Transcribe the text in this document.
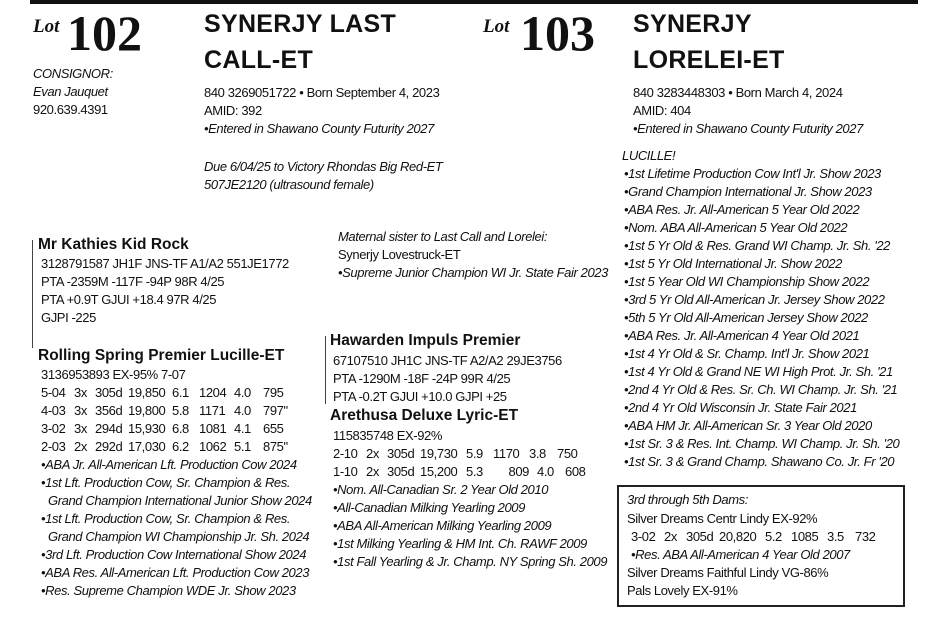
Lot 102 SYNERJY LAST
CALL-ET
CONSIGNOR:
Evan Jauquet
920.639.4391
840 3269051722 • Born September 4, 2023
AMID: 392
•Entered in Shawano County Futurity 2027
Due 6/04/25 to Victory Rhondas Big Red-ET
507JE2120 (ultrasound female)
Lot 103 SYNERJY
LORELEI-ET
840 3283448303 • Born March 4, 2024
AMID: 404
•Entered in Shawano County Futurity 2027
Mr Kathies Kid Rock
3128791587 JH1F JNS-TF A1/A2 551JE1772
PTA -2359M -117F -94P 98R 4/25
PTA +0.9T GJUI +18.4 97R 4/25
GJPI -225
Rolling Spring Premier Lucille-ET
3136953893 EX-95% 7-07
5-04 3x 305d 19,850 6.1 1204 4.0 795
4-03 3x 356d 19,800 5.8 1171 4.0 797"
3-02 3x 294d 15,930 6.8 1081 4.1 655
2-03 2x 292d 17,030 6.2 1062 5.1 875"
•ABA Jr. All-American Lft. Production Cow 2024
•1st Lft. Production Cow, Sr. Champion & Res.
Grand Champion International Junior Show 2024
•1st Lft. Production Cow, Sr. Champion & Res.
Grand Champion WI Championship Jr. Sh. 2024
•3rd Lft. Production Cow International Show 2024
•ABA Res. All-American Lft. Production Cow 2023
•Res. Supreme Champion WDE Jr. Show 2023
Maternal sister to Last Call and Lorelei:
Synerjy Lovestruck-ET
•Supreme Junior Champion WI Jr. State Fair 2023
Hawarden Impuls Premier
67107510 JH1C JNS-TF A2/A2 29JE3756
PTA -1290M -18F -24P 99R 4/25
PTA -0.2T GJUI +10.0 GJPI +25
Arethusa Deluxe Lyric-ET
115835748 EX-92%
2-10 2x 305d 19,730 5.9 1170 3.8 750
1-10 2x 305d 15,200 5.3	809 4.0 608
•Nom. All-Canadian Sr. 2 Year Old 2010
•All-Canadian Milking Yearling 2009
•ABA All-American Milking Yearling 2009
•1st Milking Yearling & HM Int. Ch. RAWF 2009
•1st Fall Yearling & Jr. Champ. NY Spring Sh. 2009
LUCILLE!
•1st Lifetime Production Cow Int'l Jr. Show 2023
•Grand Champion International Jr. Show 2023
•ABA Res. Jr. All-American 5 Year Old 2022
•Nom. ABA All-American 5 Year Old 2022
•1st 5 Yr Old & Res. Grand WI Champ. Jr. Sh. '22
•1st 5 Yr Old International Jr. Show 2022
•1st 5 Year Old WI Championship Show 2022
•3rd 5 Yr Old All-American Jr. Jersey Show 2022
•5th 5 Yr Old All-American Jersey Show 2022
•ABA Res. Jr. All-American 4 Year Old 2021
•1st 4 Yr Old & Sr. Champ. Int'l Jr. Show 2021
•1st 4 Yr Old & Grand NE WI High Prot. Jr. Sh. '21
•2nd 4 Yr Old & Res. Sr. Ch. WI Champ. Jr. Sh. '21
•2nd 4 Yr Old Wisconsin Jr. State Fair 2021
•ABA HM Jr. All-American Sr. 3 Year Old 2020
•1st Sr. 3 & Res. Int. Champ. WI Champ. Jr. Sh. '20
•1st Sr. 3 & Grand Champ. Shawano Co. Jr. Fr '20
3rd through 5th Dams:
Silver Dreams Centr Lindy EX-92%
3-02 2x 305d 20,820 5.2 1085 3.5 732
•Res. ABA All-American 4 Year Old 2007
Silver Dreams Faithful Lindy VG-86%
Pals Lovely EX-91%
